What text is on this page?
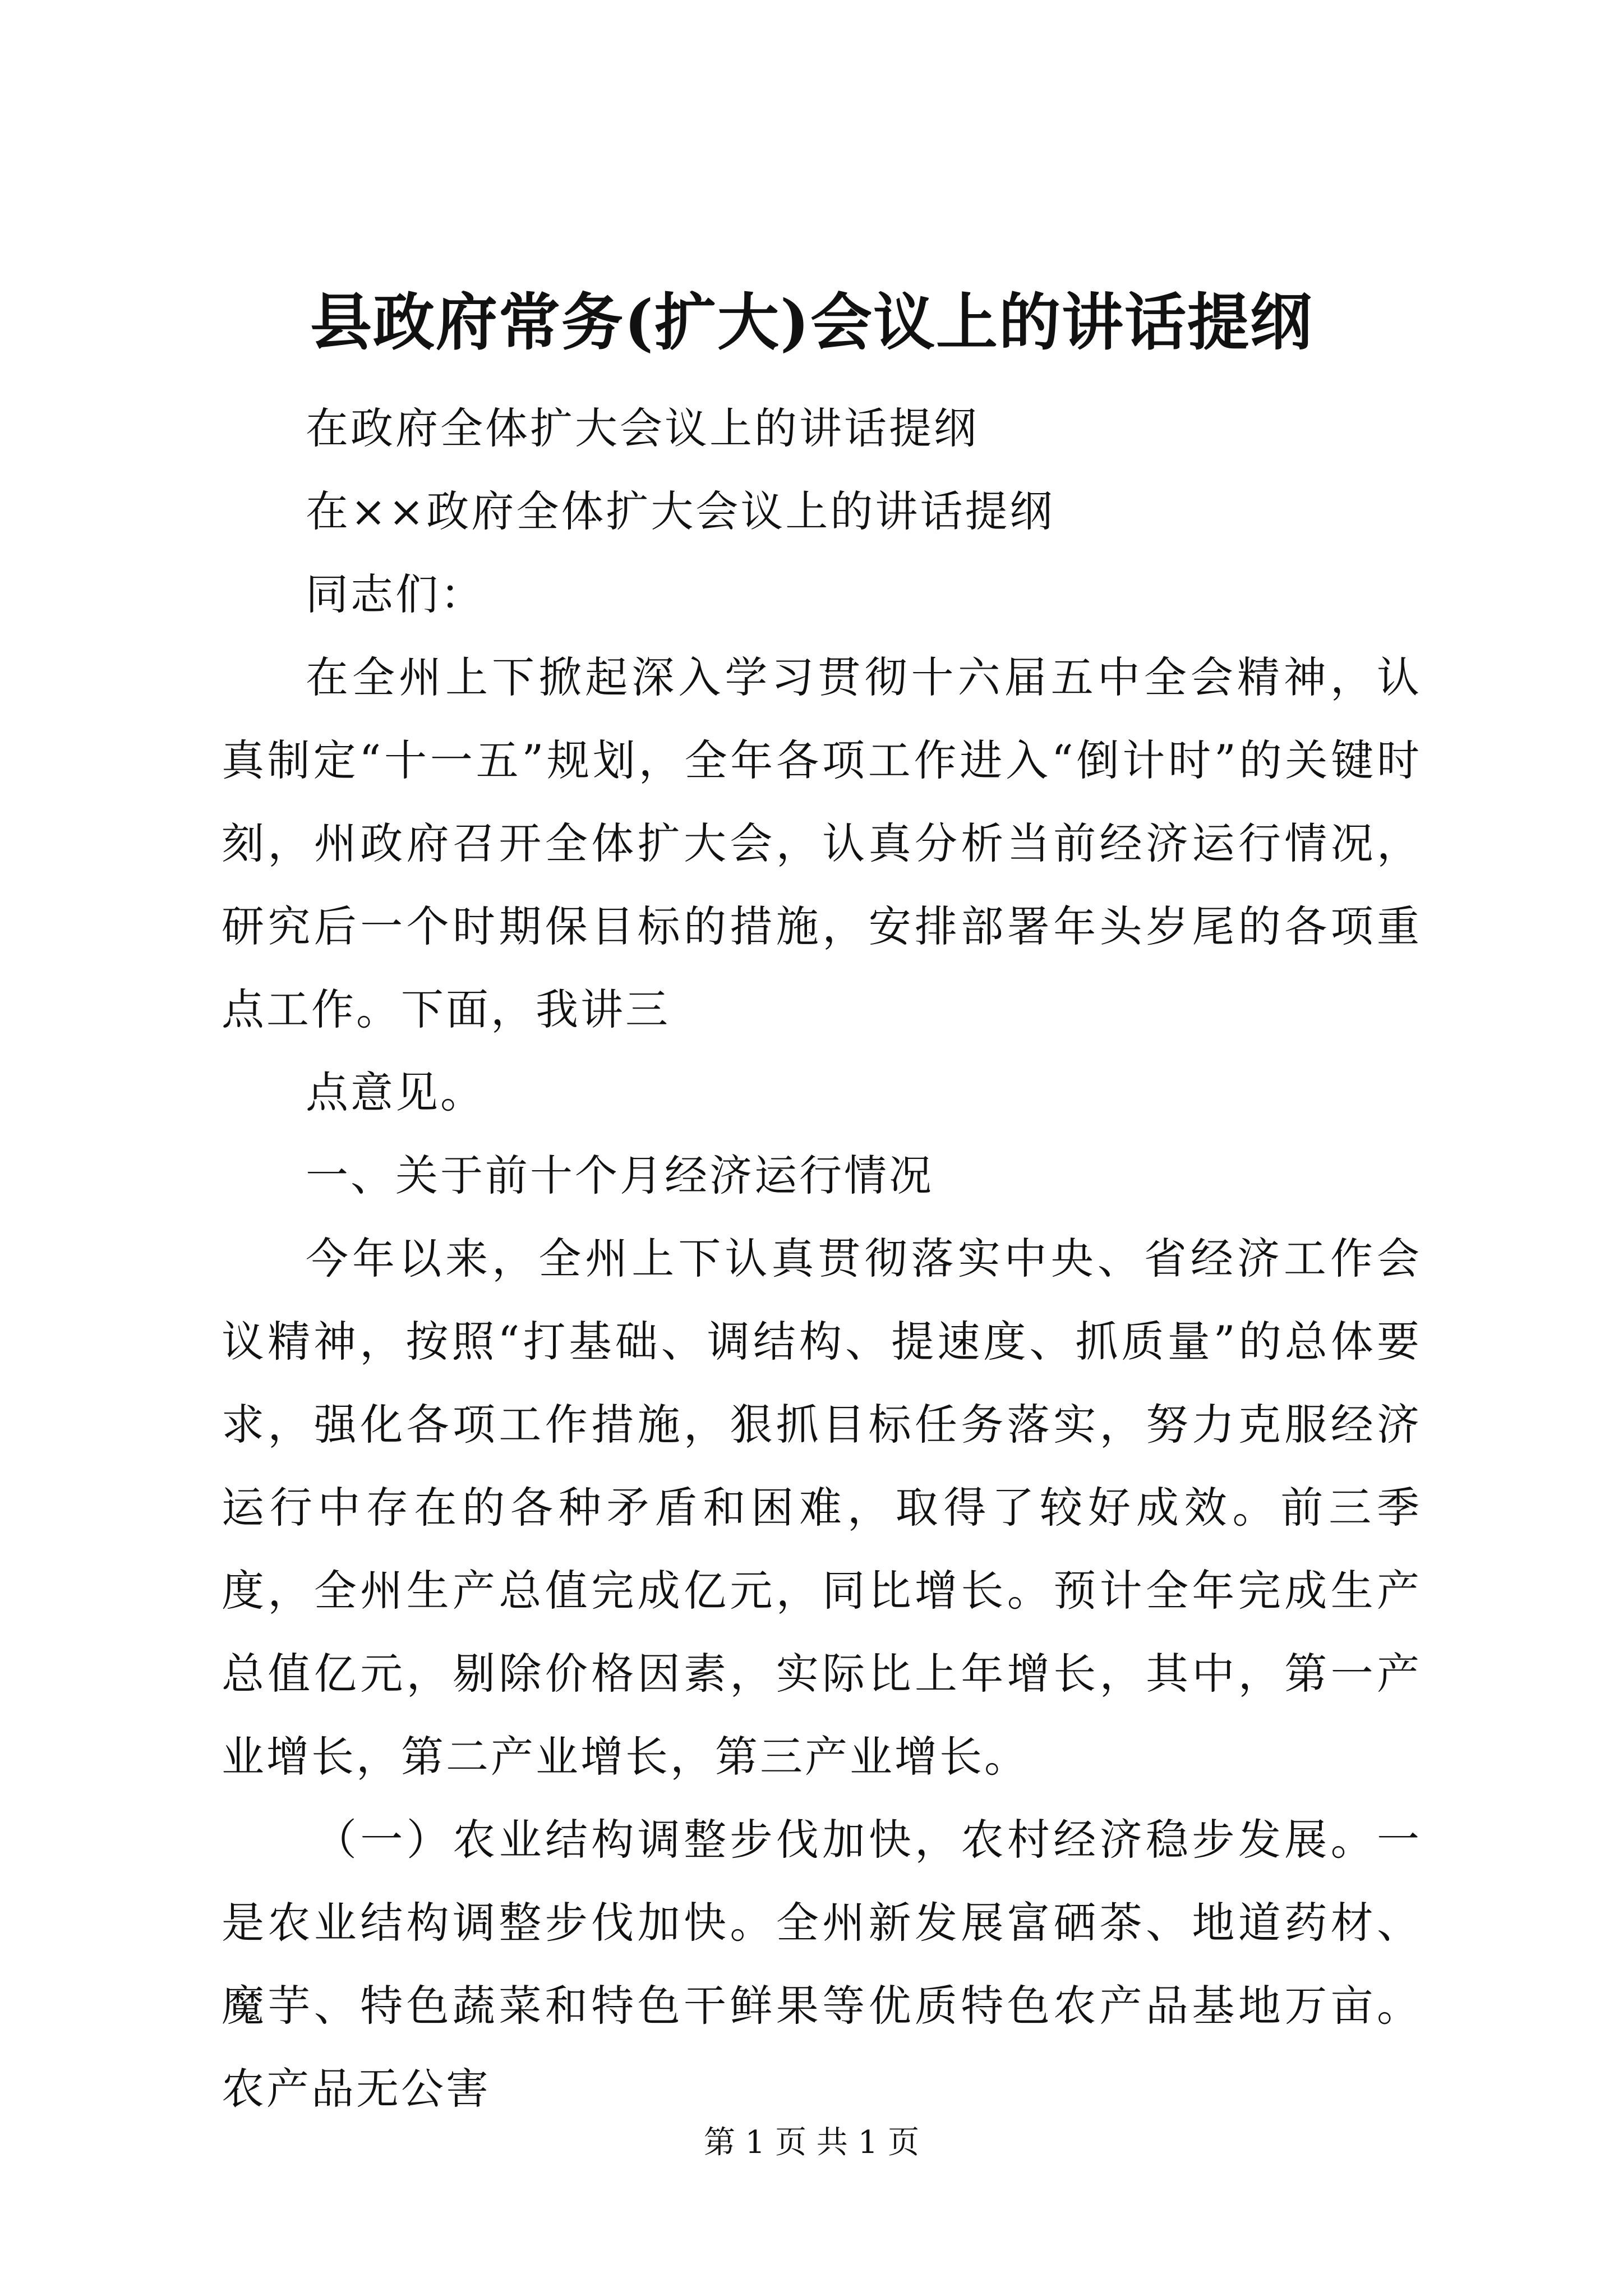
县政府常务(扩大)会议上的讲话提纲

在政府全体扩大会议上的讲话提纲

在××政府全体扩大会议上的讲话提纲

同志们：

在全州上下掀起深入学习贯彻十六届五中全会精神，认真制定“十一五”规划，全年各项工作进入“倒计时”的关键时刻，州政府召开全体扩大会，认真分析当前经济运行情况，研究后一个时期保目标的措施，安排部署年头岁尾的各项重点工作。下面，我讲三

点意见。

一、关于前十个月经济运行情况

今年以来，全州上下认真贯彻落实中央、省经济工作会议精神，按照“打基础、调结构、提速度、抓质量”的总体要求，强化各项工作措施，狠抓目标任务落实，努力克服经济运行中存在的各种矛盾和困难，取得了较好成效。前三季度，全州生产总值完成亿元，同比增长。预计全年完成生产总值亿元，剔除价格因素，实际比上年增长，其中，第一产业增长，第二产业增长，第三产业增长。

（一）农业结构调整步伐加快，农村经济稳步发展。一是农业结构调整步伐加快。全州新发展富硒茶、地道药材、魔芋、特色蔬菜和特色干鲜果等优质特色农产品基地万亩。农产品无公害

第 1 页 共 1 页
